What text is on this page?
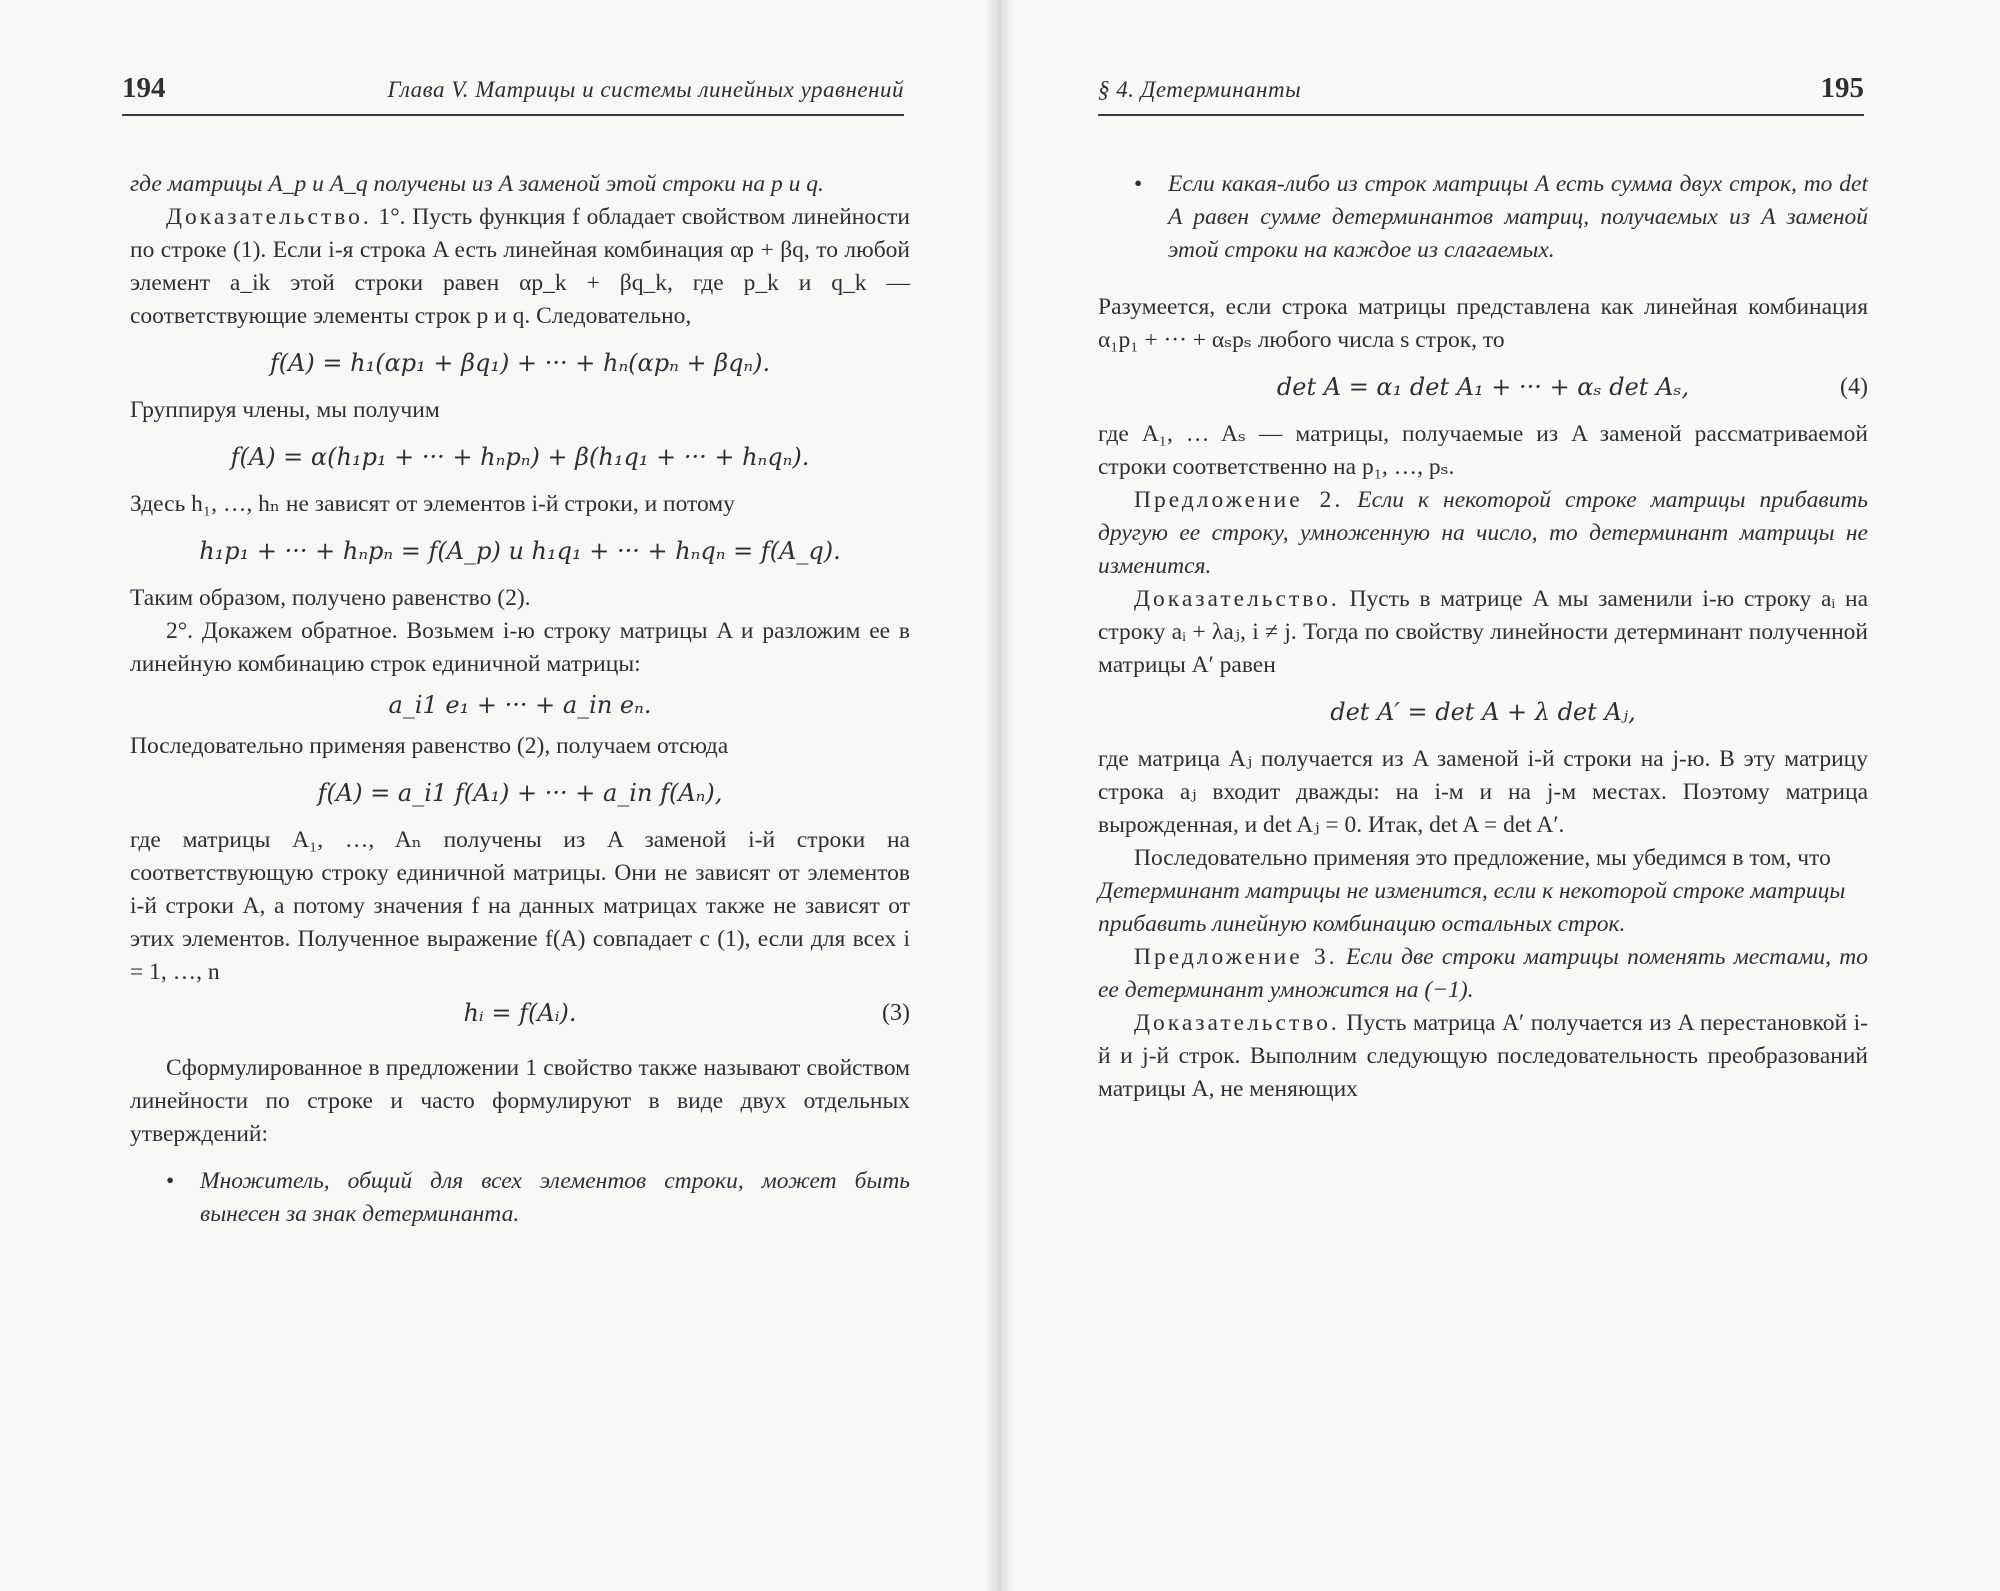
194	Глава V. Матрицы и системы линейных уравнений

где матрицы A_p и A_q получены из A заменой этой строки на p и q.

Доказательство. 1°. Пусть функция f обладает свойством линейности по строке (1). Если i-я строка A есть линейная комбинация αp + βq, то любой элемент a_ik этой строки равен αp_k + βq_k, где p_k и q_k — соответствующие элементы строк p и q. Следовательно,

f(A) = h₁(αp₁ + βq₁) + ··· + hₙ(αpₙ + βqₙ).

Группируя члены, мы получим

f(A) = α(h₁p₁ + ··· + hₙpₙ) + β(h₁q₁ + ··· + hₙqₙ).

Здесь h₁, …, hₙ не зависят от элементов i-й строки, и потому

h₁p₁ + ··· + hₙpₙ = f(A_p) и h₁q₁ + ··· + hₙqₙ = f(A_q).

Таким образом, получено равенство (2).

2°. Докажем обратное. Возьмем i-ю строку матрицы A и разложим ее в линейную комбинацию строк единичной матрицы:

a_i1 e₁ + ··· + a_in eₙ.

Последовательно применяя равенство (2), получаем отсюда

f(A) = a_i1 f(A₁) + ··· + a_in f(Aₙ),

где матрицы A₁, …, Aₙ получены из A заменой i-й строки на соответствующую строку единичной матрицы. Они не зависят от элементов i-й строки A, а потому значения f на данных матрицах также не зависят от этих элементов. Полученное выражение f(A) совпадает с (1), если для всех i = 1, …, n

hᵢ = f(Aᵢ).	(3)

Сформулированное в предложении 1 свойство также называют свойством линейности по строке и часто формулируют в виде двух отдельных утверждений:

• Множитель, общий для всех элементов строки, может быть вынесен за знак детерминанта.

§ 4. Детерминанты	195

• Если какая-либо из строк матрицы A есть сумма двух строк, то det A равен сумме детерминантов матриц, получаемых из A заменой этой строки на каждое из слагаемых.

Разумеется, если строка матрицы представлена как линейная комбинация α₁p₁ + ··· + αₛpₛ любого числа s строк, то

det A = α₁ det A₁ + ··· + αₛ det Aₛ,	(4)

где A₁, … Aₛ — матрицы, получаемые из A заменой рассматриваемой строки соответственно на p₁, …, pₛ.

Предложение 2. Если к некоторой строке матрицы прибавить другую ее строку, умноженную на число, то детерминант матрицы не изменится.

Доказательство. Пусть в матрице A мы заменили i-ю строку aᵢ на строку aᵢ + λaⱼ, i ≠ j. Тогда по свойству линейности детерминант полученной матрицы A′ равен

det A′ = det A + λ det Aⱼ,

где матрица Aⱼ получается из A заменой i-й строки на j-ю. В эту матрицу строка aⱼ входит дважды: на i-м и на j-м местах. Поэтому матрица вырожденная, и det Aⱼ = 0. Итак, det A = det A′.

Последовательно применяя это предложение, мы убедимся в том, что

Детерминант матрицы не изменится, если к некоторой строке матрицы прибавить линейную комбинацию остальных строк.

Предложение 3. Если две строки матрицы поменять местами, то ее детерминант умножится на (−1).

Доказательство. Пусть матрица A′ получается из A перестановкой i-й и j-й строк. Выполним следующую последовательность преобразований матрицы A, не меняющих
